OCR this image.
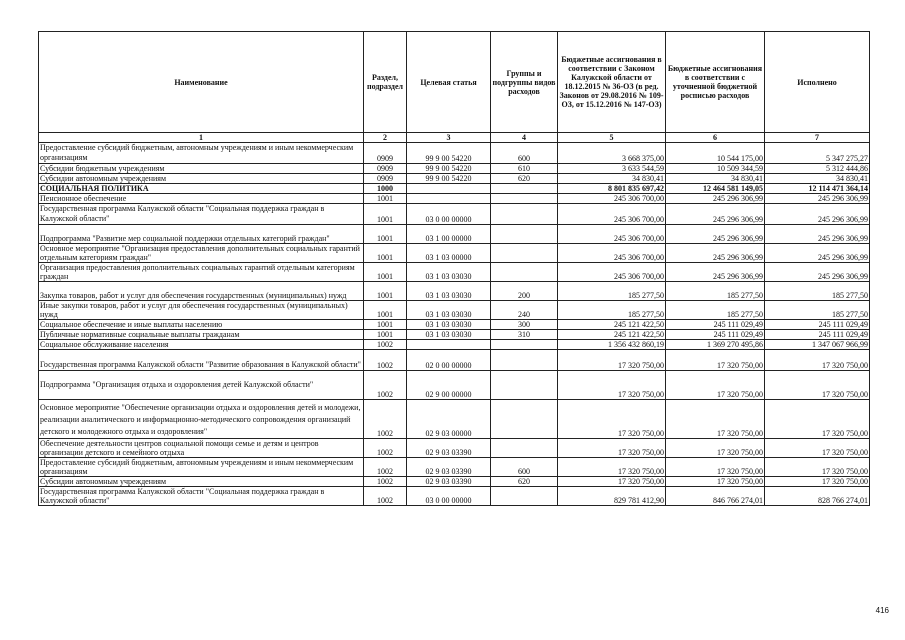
Наименование	Раздел, подраздел	Целевая статья	Группы и подгруппы видов расходов	Бюджетные ассигнования в соответствии с Законом Калужской области от 18.12.2015 № 36-ОЗ (в ред. Законов от 29.08.2016 № 109-ОЗ, от 15.12.2016 № 147-ОЗ)	Бюджетные ассигнования в соответствии с уточненной бюджетной росписью расходов	Исполнено
1	2	3	4	5	6	7
Предоставление субсидий бюджетным, автономным учреждениям и иным некоммерческим организациям	0909	99 9 00 54220	600	3 668 375,00	10 544 175,00	5 347 275,27
Субсидии бюджетным учреждениям	0909	99 9 00 54220	610	3 633 544,59	10 509 344,59	5 312 444,86
Субсидии автономным учреждениям	0909	99 9 00 54220	620	34 830,41	34 830,41	34 830,41
СОЦИАЛЬНАЯ ПОЛИТИКА	1000			8 801 835 697,42	12 464 581 149,05	12 114 471 364,14
Пенсионное обеспечение	1001			245 306 700,00	245 296 306,99	245 296 306,99
Государственная программа Калужской области "Социальная поддержка граждан в Калужской области"	1001	03 0 00 00000		245 306 700,00	245 296 306,99	245 296 306,99
Подпрограмма "Развитие мер социальной поддержки отдельных категорий граждан"	1001	03 1 00 00000		245 306 700,00	245 296 306,99	245 296 306,99
Основное мероприятие "Организация предоставления дополнительных социальных гарантий отдельным категориям граждан"	1001	03 1 03 00000		245 306 700,00	245 296 306,99	245 296 306,99
Организация предоставления дополнительных социальных гарантий отдельным категориям граждан	1001	03 1 03 03030		245 306 700,00	245 296 306,99	245 296 306,99
Закупка товаров, работ и услуг для обеспечения государственных (муниципальных) нужд	1001	03 1 03 03030	200	185 277,50	185 277,50	185 277,50
Иные закупки товаров, работ и услуг для обеспечения государственных (муниципальных) нужд	1001	03 1 03 03030	240	185 277,50	185 277,50	185 277,50
Социальное обеспечение и иные выплаты населению	1001	03 1 03 03030	300	245 121 422,50	245 111 029,49	245 111 029,49
Публичные нормативные социальные выплаты гражданам	1001	03 1 03 03030	310	245 121 422,50	245 111 029,49	245 111 029,49
Социальное обслуживание населения	1002			1 356 432 860,19	1 369 270 495,86	1 347 067 966,99
Государственная программа Калужской области "Развитие образования в Калужской области"	1002	02 0 00 00000		17 320 750,00	17 320 750,00	17 320 750,00
Подпрограмма "Организация отдыха и оздоровления детей Калужской области"	1002	02 9 00 00000		17 320 750,00	17 320 750,00	17 320 750,00
Основное мероприятие "Обеспечение организации отдыха и оздоровления детей и молодежи, реализации аналитического и информационно-методического сопровождения организаций детского и молодежного отдыха и оздоровления"	1002	02 9 03 00000		17 320 750,00	17 320 750,00	17 320 750,00
Обеспечение деятельности центров социальной помощи семье и детям и центров организации детского и семейного отдыха	1002	02 9 03 03390		17 320 750,00	17 320 750,00	17 320 750,00
Предоставление субсидий бюджетным, автономным учреждениям и иным некоммерческим организациям	1002	02 9 03 03390	600	17 320 750,00	17 320 750,00	17 320 750,00
Субсидии автономным учреждениям	1002	02 9 03 03390	620	17 320 750,00	17 320 750,00	17 320 750,00
Государственная программа Калужской области "Социальная поддержка граждан в Калужской области"	1002	03 0 00 00000		829 781 412,90	846 766 274,01	828 766 274,01
416
